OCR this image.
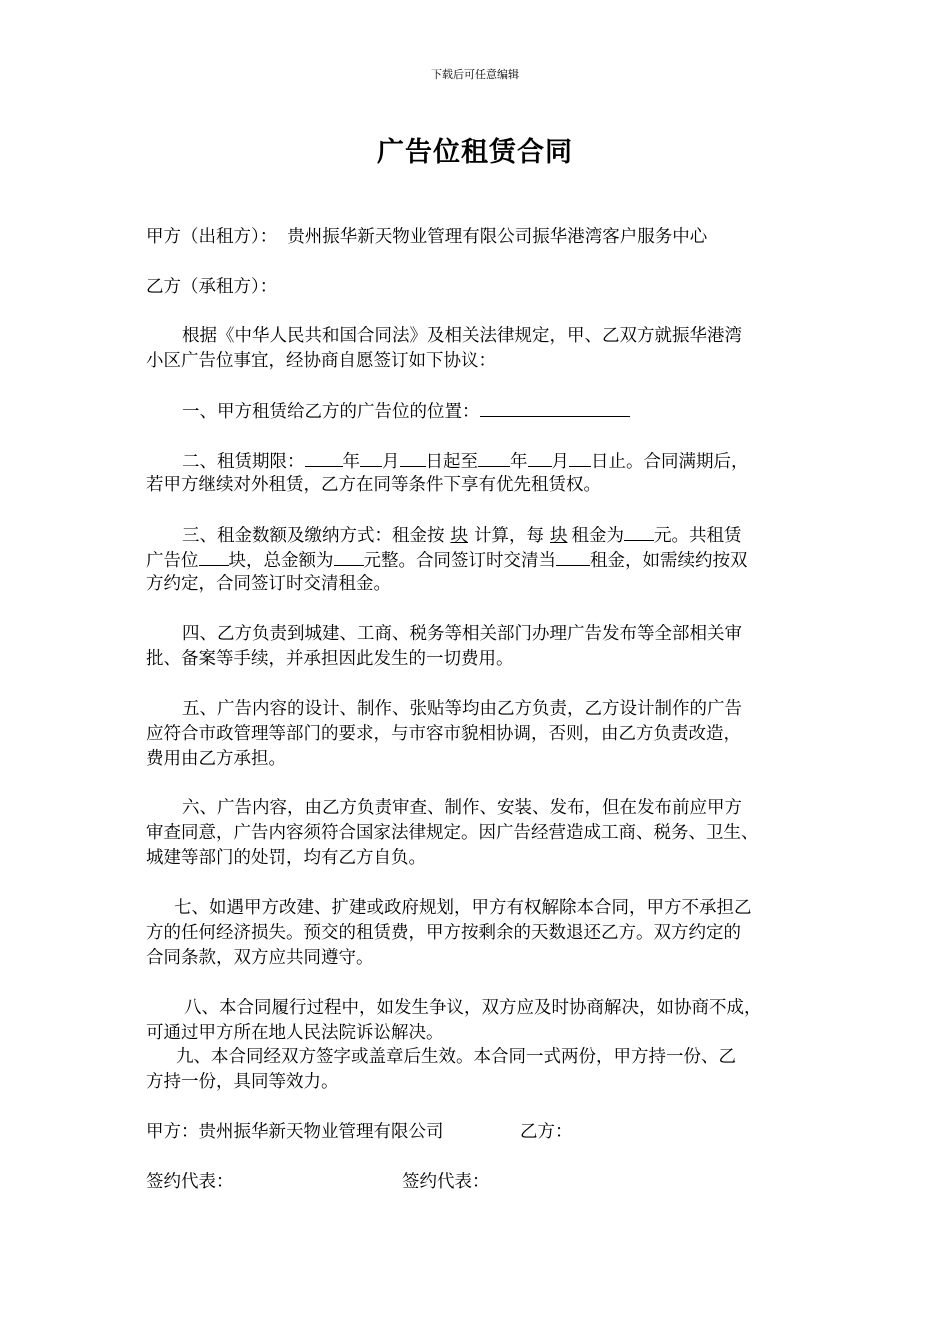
下载后可任意编辑
广告位租赁合同
甲方（出租方）： 贵州振华新天物业管理有限公司振华港湾客户服务中心
乙方（承租方）：
根据《中华人民共和国合同法》及相关法律规定，甲、乙双方就振华港湾
小区广告位事宜，经协商自愿签订如下协议：
一、甲方租赁给乙方的广告位的位置：
二、租赁期限： 年 月 日起至 年 月 日止。合同满期后，
若甲方继续对外租赁，乙方在同等条件下享有优先租赁权。
三、租金数额及缴纳方式：租金按 块 计算，每 块 租金为 元。共租赁
广告位 块，总金额为 元整。合同签订时交清当 租金，如需续约按双
方约定，合同签订时交清租金。
四、乙方负责到城建、工商、税务等相关部门办理广告发布等全部相关审
批、备案等手续，并承担因此发生的一切费用。
五、广告内容的设计、制作、张贴等均由乙方负责，乙方设计制作的广告
应符合市政管理等部门的要求，与市容市貌相协调，否则，由乙方负责改造，
费用由乙方承担。
六、广告内容，由乙方负责审查、制作、安装、发布，但在发布前应甲方
审查同意，广告内容须符合国家法律规定。因广告经营造成工商、税务、卫生、
城建等部门的处罚，均有乙方自负。
七、如遇甲方改建、扩建或政府规划，甲方有权解除本合同，甲方不承担乙
方的任何经济损失。预交的租赁费，甲方按剩余的天数退还乙方。双方约定的
合同条款，双方应共同遵守。
八、本合同履行过程中，如发生争议，双方应及时协商解决，如协商不成，
可通过甲方所在地人民法院诉讼解决。
九、本合同经双方签字或盖章后生效。本合同一式两份，甲方持一份、乙
方持一份，具同等效力。
甲方：贵州振华新天物业管理有限公司	乙方：
签约代表：	签约代表：
